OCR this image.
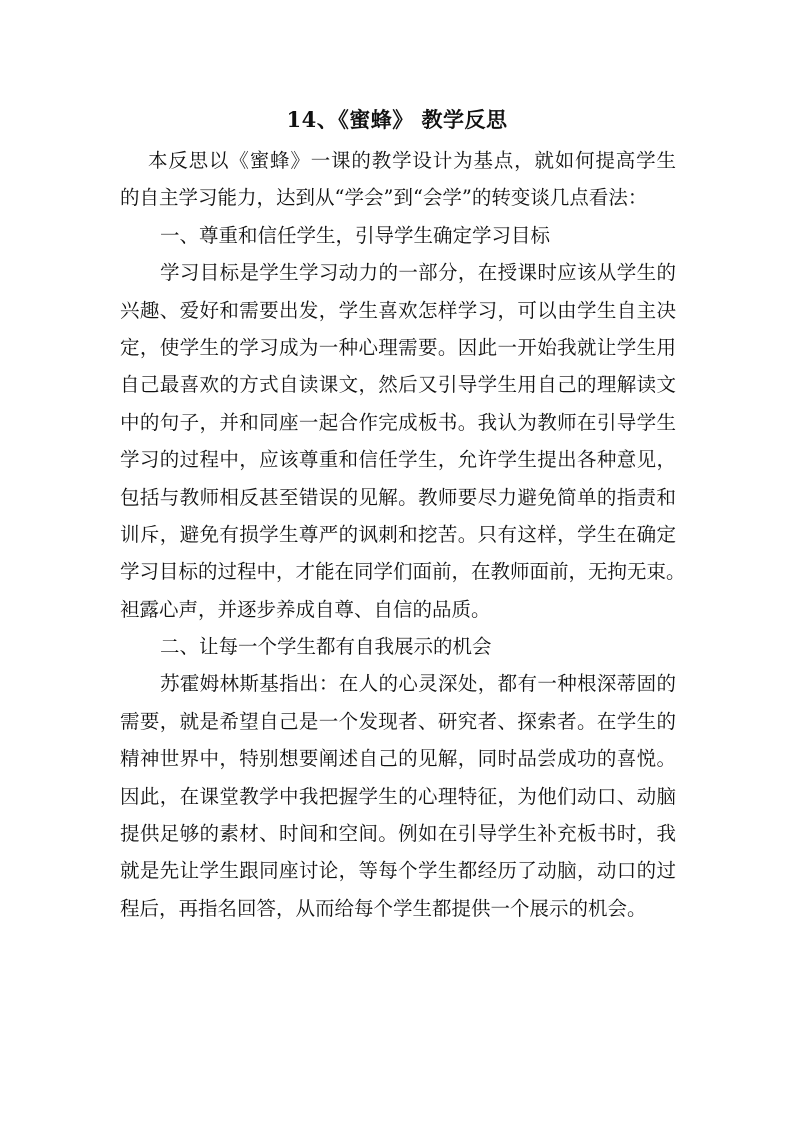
14、《蜜蜂》 教学反思
本反思以《蜜蜂》一课的教学设计为基点，就如何提高学生
的自主学习能力，达到从“学会”到“会学”的转变谈几点看法：
一、尊重和信任学生，引导学生确定学习目标
学习目标是学生学习动力的一部分，在授课时应该从学生的
兴趣、爱好和需要出发，学生喜欢怎样学习，可以由学生自主决
定，使学生的学习成为一种心理需要。因此一开始我就让学生用
自己最喜欢的方式自读课文，然后又引导学生用自己的理解读文
中的句子，并和同座一起合作完成板书。我认为教师在引导学生
学习的过程中，应该尊重和信任学生，允许学生提出各种意见，
包括与教师相反甚至错误的见解。教师要尽力避免简单的指责和
训斥，避免有损学生尊严的讽刺和挖苦。只有这样，学生在确定
学习目标的过程中，才能在同学们面前，在教师面前，无拘无束。
袒露心声，并逐步养成自尊、自信的品质。
二、让每一个学生都有自我展示的机会
苏霍姆林斯基指出：在人的心灵深处，都有一种根深蒂固的
需要，就是希望自己是一个发现者、研究者、探索者。在学生的
精神世界中，特别想要阐述自己的见解，同时品尝成功的喜悦。
因此，在课堂教学中我把握学生的心理特征，为他们动口、动脑
提供足够的素材、时间和空间。例如在引导学生补充板书时，我
就是先让学生跟同座讨论，等每个学生都经历了动脑，动口的过
程后，再指名回答，从而给每个学生都提供一个展示的机会。
